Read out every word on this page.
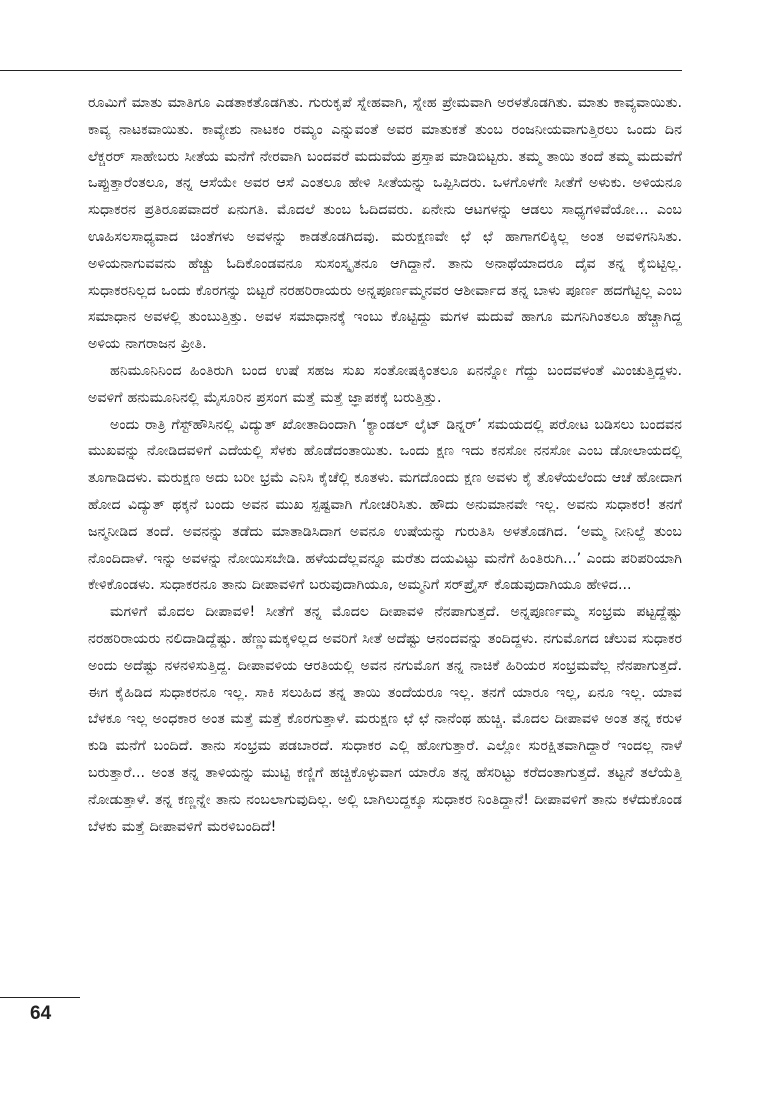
ರೂಮಿಗೆ ಮಾತು ಮಾತಿಗೂ ಎಡತಾಕತೊಡಗಿತು. ಗುರುಕೃಪೆ ಸ್ನೇಹವಾಗಿ, ಸ್ನೇಹ ಪ್ರೇಮವಾಗಿ ಅರಳತೊಡಗಿತು. ಮಾತು ಕಾವ್ಯವಾಯಿತು. ಕಾವ್ಯ ನಾಟಕವಾಯಿತು. ಕಾವ್ಯೇಶು ನಾಟಕಂ ರಮ್ಯಂ ಎನ್ನುವಂತೆ ಅವರ ಮಾತುಕತೆ ತುಂಬ ರಂಜನೀಯವಾಗುತ್ತಿರಲು ಒಂದು ದಿನ ಲೆಕ್ಚರರ್ ಸಾಹೇಬರು ಸೀತೆಯ ಮನೆಗೆ ನೇರವಾಗಿ ಬಂದವರೆ ಮದುವೆಯ ಪ್ರಸ್ತಾಪ ಮಾಡಿಬಿಟ್ಟರು. ತಮ್ಮ ತಾಯಿ ತಂದೆ ತಮ್ಮ ಮದುವೆಗೆ ಒಪ್ಪುತ್ತಾರೆಂತಲೂ, ತನ್ನ ಆಸೆಯೇ ಅವರ ಆಸೆ ಎಂತಲೂ ಹೇಳಿ ಸೀತೆಯನ್ನು ಒಪ್ಪಿಸಿದರು. ಒಳಗೊಳಗೇ ಸೀತೆಗೆ ಅಳುಕು. ಅಳಿಯನೂ ಸುಧಾಕರನ ಪ್ರತಿರೂಪವಾದರೆ ಏನುಗತಿ. ಮೊದಲೆ ತುಂಬ ಓದಿದವರು. ಏನೇನು ಆಟಗಳನ್ನು ಆಡಲು ಸಾಧ್ಯಗಳಿವೆಯೋ... ಎಂಬ ಊಹಿಸಲಸಾಧ್ಯವಾದ ಚಿಂತೆಗಳು ಅವಳನ್ನು ಕಾಡತೊಡಗಿದವು. ಮರುಕ್ಷಣವೇ ಛೆ ಛೆ ಹಾಗಾಗಲಿಕ್ಕಿಲ್ಲ ಅಂತ ಅವಳಿಗನಿಸಿತು. ಅಳಿಯನಾಗುವವನು ಹೆಚ್ಚು ಓದಿಕೊಂಡವನೂ ಸುಸಂಸ್ಕೃತನೂ ಆಗಿದ್ದಾನೆ. ತಾನು ಅನಾಥೆಯಾದರೂ ದೈವ ತನ್ನ ಕೈಬಿಟ್ಟಿಲ್ಲ. ಸುಧಾಕರನಿಲ್ಲದ ಒಂದು ಕೊರಗನ್ನು ಬಿಟ್ಟರೆ ನರಹರಿರಾಯರು ಅನ್ನಪೂರ್ಣಮ್ಮನವರ ಆಶೀರ್ವಾದ ತನ್ನ ಬಾಳು ಪೂರ್ಣ ಹದಗೆಟ್ಟಿಲ್ಲ ಎಂಬ ಸಮಾಧಾನ ಅವಳಲ್ಲಿ ತುಂಬುತ್ತಿತ್ತು. ಅವಳ ಸಮಾಧಾನಕ್ಕೆ ಇಂಬು ಕೊಟ್ಟಿದ್ದು ಮಗಳ ಮದುವೆ ಹಾಗೂ ಮಗನಿಗಿಂತಲೂ ಹೆಚ್ಚಾಗಿದ್ದ ಅಳಿಯ ನಾಗರಾಜನ ಪ್ರೀತಿ.

ಹನಿಮೂನಿನಿಂದ ಹಿಂತಿರುಗಿ ಬಂದ ಉಷೆ ಸಹಜ ಸುಖ ಸಂತೋಷಕ್ಕಿಂತಲೂ ಏನನ್ನೋ ಗೆದ್ದು ಬಂದವಳಂತೆ ಮಿಂಚುತ್ತಿದ್ದಳು. ಅವಳಿಗೆ ಹನುಮೂನಿನಲ್ಲಿ ಮೈಸೂರಿನ ಪ್ರಸಂಗ ಮತ್ತೆ ಮತ್ತೆ ಜ್ಞಾಪಕಕ್ಕೆ ಬರುತ್ತಿತ್ತು.

ಅಂದು ರಾತ್ರಿ ಗೆಸ್ಟ್‌ಹೌಸಿನಲ್ಲಿ ವಿದ್ಯುತ್ ಖೋತಾದಿಂದಾಗಿ ‘ಕ್ಯಾಂಡಲ್ ಲೈಟ್ ಡಿನ್ನರ್’ ಸಮಯದಲ್ಲಿ ಪರೋಟ ಬಡಿಸಲು ಬಂದವನ ಮುಖವನ್ನು ನೋಡಿದವಳಿಗೆ ಎದೆಯಲ್ಲಿ ಸೆಳಕು ಹೊಡೆದಂತಾಯಿತು. ಒಂದು ಕ್ಷಣ ಇದು ಕನಸೋ ನನಸೋ ಎಂಬ ಡೋಲಾಯದಲ್ಲಿ ತೂಗಾಡಿದಳು. ಮರುಕ್ಷಣ ಅದು ಬರೀ ಭ್ರಮೆ ಎನಿಸಿ ಕೈಚೆಲ್ಲಿ ಕೂತಳು. ಮಗದೊಂದು ಕ್ಷಣ ಅವಳು ಕೈ ತೊಳೆಯಲೆಂದು ಆಚೆ ಹೋದಾಗ ಹೋದ ವಿದ್ಯುತ್ ಥಕ್ಕನೆ ಬಂದು ಅವನ ಮುಖ ಸ್ಪಷ್ಟವಾಗಿ ಗೋಚರಿಸಿತು. ಹೌದು ಅನುಮಾನವೇ ಇಲ್ಲ. ಅವನು ಸುಧಾಕರ! ತನಗೆ ಜನ್ಮನೀಡಿದ ತಂದೆ. ಅವನನ್ನು ತಡೆದು ಮಾತಾಡಿಸಿದಾಗ ಅವನೂ ಉಷೆಯನ್ನು ಗುರುತಿಸಿ ಅಳತೊಡಗಿದ. ‘ಅಮ್ಮ ನೀನಿಲ್ದೆ ತುಂಬ ನೊಂದಿದಾಳೆ. ಇನ್ನು ಅವಳನ್ನು ನೋಯಿಸಬೇಡಿ. ಹಳೆಯದೆಲ್ಲವನ್ನೂ ಮರೆತು ದಯವಿಟ್ಟು ಮನೆಗೆ ಹಿಂತಿರುಗಿ...’ ಎಂದು ಪರಿಪರಿಯಾಗಿ ಕೇಳಿಕೊಂಡಳು. ಸುಧಾಕರನೂ ತಾನು ದೀಪಾವಳಿಗೆ ಬರುವುದಾಗಿಯೂ, ಅಮ್ಮನಿಗೆ ಸರ್‌ಪ್ರೈಸ್ ಕೊಡುವುದಾಗಿಯೂ ಹೇಳಿದ...

ಮಗಳಿಗೆ ಮೊದಲ ದೀಪಾವಳಿ! ಸೀತೆಗೆ ತನ್ನ ಮೊದಲ ದೀಪಾವಳಿ ನೆನಪಾಗುತ್ತದೆ. ಅನ್ನಪೂರ್ಣಮ್ಮ ಸಂಭ್ರಮ ಪಟ್ಟದ್ದೆಷ್ಟು ನರಹರಿರಾಯರು ನಲಿದಾಡಿದ್ದೆಷ್ಟು. ಹೆಣ್ಣುಮಕ್ಕಳಿಲ್ಲದ ಅವರಿಗೆ ಸೀತೆ ಅದೆಷ್ಟು ಆನಂದವನ್ನು ತಂದಿದ್ದಳು. ನಗುಮೊಗದ ಚೆಲುವ ಸುಧಾಕರ ಅಂದು ಅದೆಷ್ಟು ನಳನಳಿಸುತ್ತಿದ್ದ. ದೀಪಾವಳಿಯ ಆರತಿಯಲ್ಲಿ ಅವನ ನಗುಮೊಗ ತನ್ನ ನಾಚಿಕೆ ಹಿರಿಯರ ಸಂಭ್ರಮವೆಲ್ಲ ನೆನಪಾಗುತ್ತದೆ. ಈಗ ಕೈಹಿಡಿದ ಸುಧಾಕರನೂ ಇಲ್ಲ. ಸಾಕಿ ಸಲುಹಿದ ತನ್ನ ತಾಯಿ ತಂದೆಯರೂ ಇಲ್ಲ. ತನಗೆ ಯಾರೂ ಇಲ್ಲ, ಏನೂ ಇಲ್ಲ. ಯಾವ ಬೆಳಕೂ ಇಲ್ಲ ಅಂಧಕಾರ ಅಂತ ಮತ್ತೆ ಮತ್ತೆ ಕೊರಗುತ್ತಾಳೆ. ಮರುಕ್ಷಣ ಛೆ ಛೆ ನಾನೆಂಥ ಹುಚ್ಚಿ. ಮೊದಲ ದೀಪಾವಳಿ ಅಂತ ತನ್ನ ಕರುಳ ಕುಡಿ ಮನೆಗೆ ಬಂದಿದೆ. ತಾನು ಸಂಭ್ರಮ ಪಡಬಾರದೆ. ಸುಧಾಕರ ಎಲ್ಲಿ ಹೋಗುತ್ತಾರೆ. ಎಲ್ಲೋ ಸುರಕ್ಷಿತವಾಗಿದ್ದಾರೆ ಇಂದಲ್ಲ ನಾಳೆ ಬರುತ್ತಾರೆ... ಅಂತ ತನ್ನ ತಾಳಿಯನ್ನು ಮುಟ್ಟಿ ಕಣ್ಣಿಗೆ ಹಚ್ಚಿಕೊಳ್ಳುವಾಗ ಯಾರೊ ತನ್ನ ಹೆಸರಿಟ್ಟು ಕರೆದಂತಾಗುತ್ತದೆ. ತಟ್ಟನೆ ತಲೆಯೆತ್ತಿ ನೋಡುತ್ತಾಳೆ. ತನ್ನ ಕಣ್ಣನ್ನೇ ತಾನು ನಂಬಲಾಗುವುದಿಲ್ಲ. ಅಲ್ಲಿ ಬಾಗಿಲುದ್ದಕ್ಕೂ ಸುಧಾಕರ ನಿಂತಿದ್ದಾನೆ! ದೀಪಾವಳಿಗೆ ತಾನು ಕಳೆದುಕೊಂಡ ಬೆಳಕು ಮತ್ತೆ ದೀಪಾವಳಿಗೆ ಮರಳಿಬಂದಿದೆ!

64
